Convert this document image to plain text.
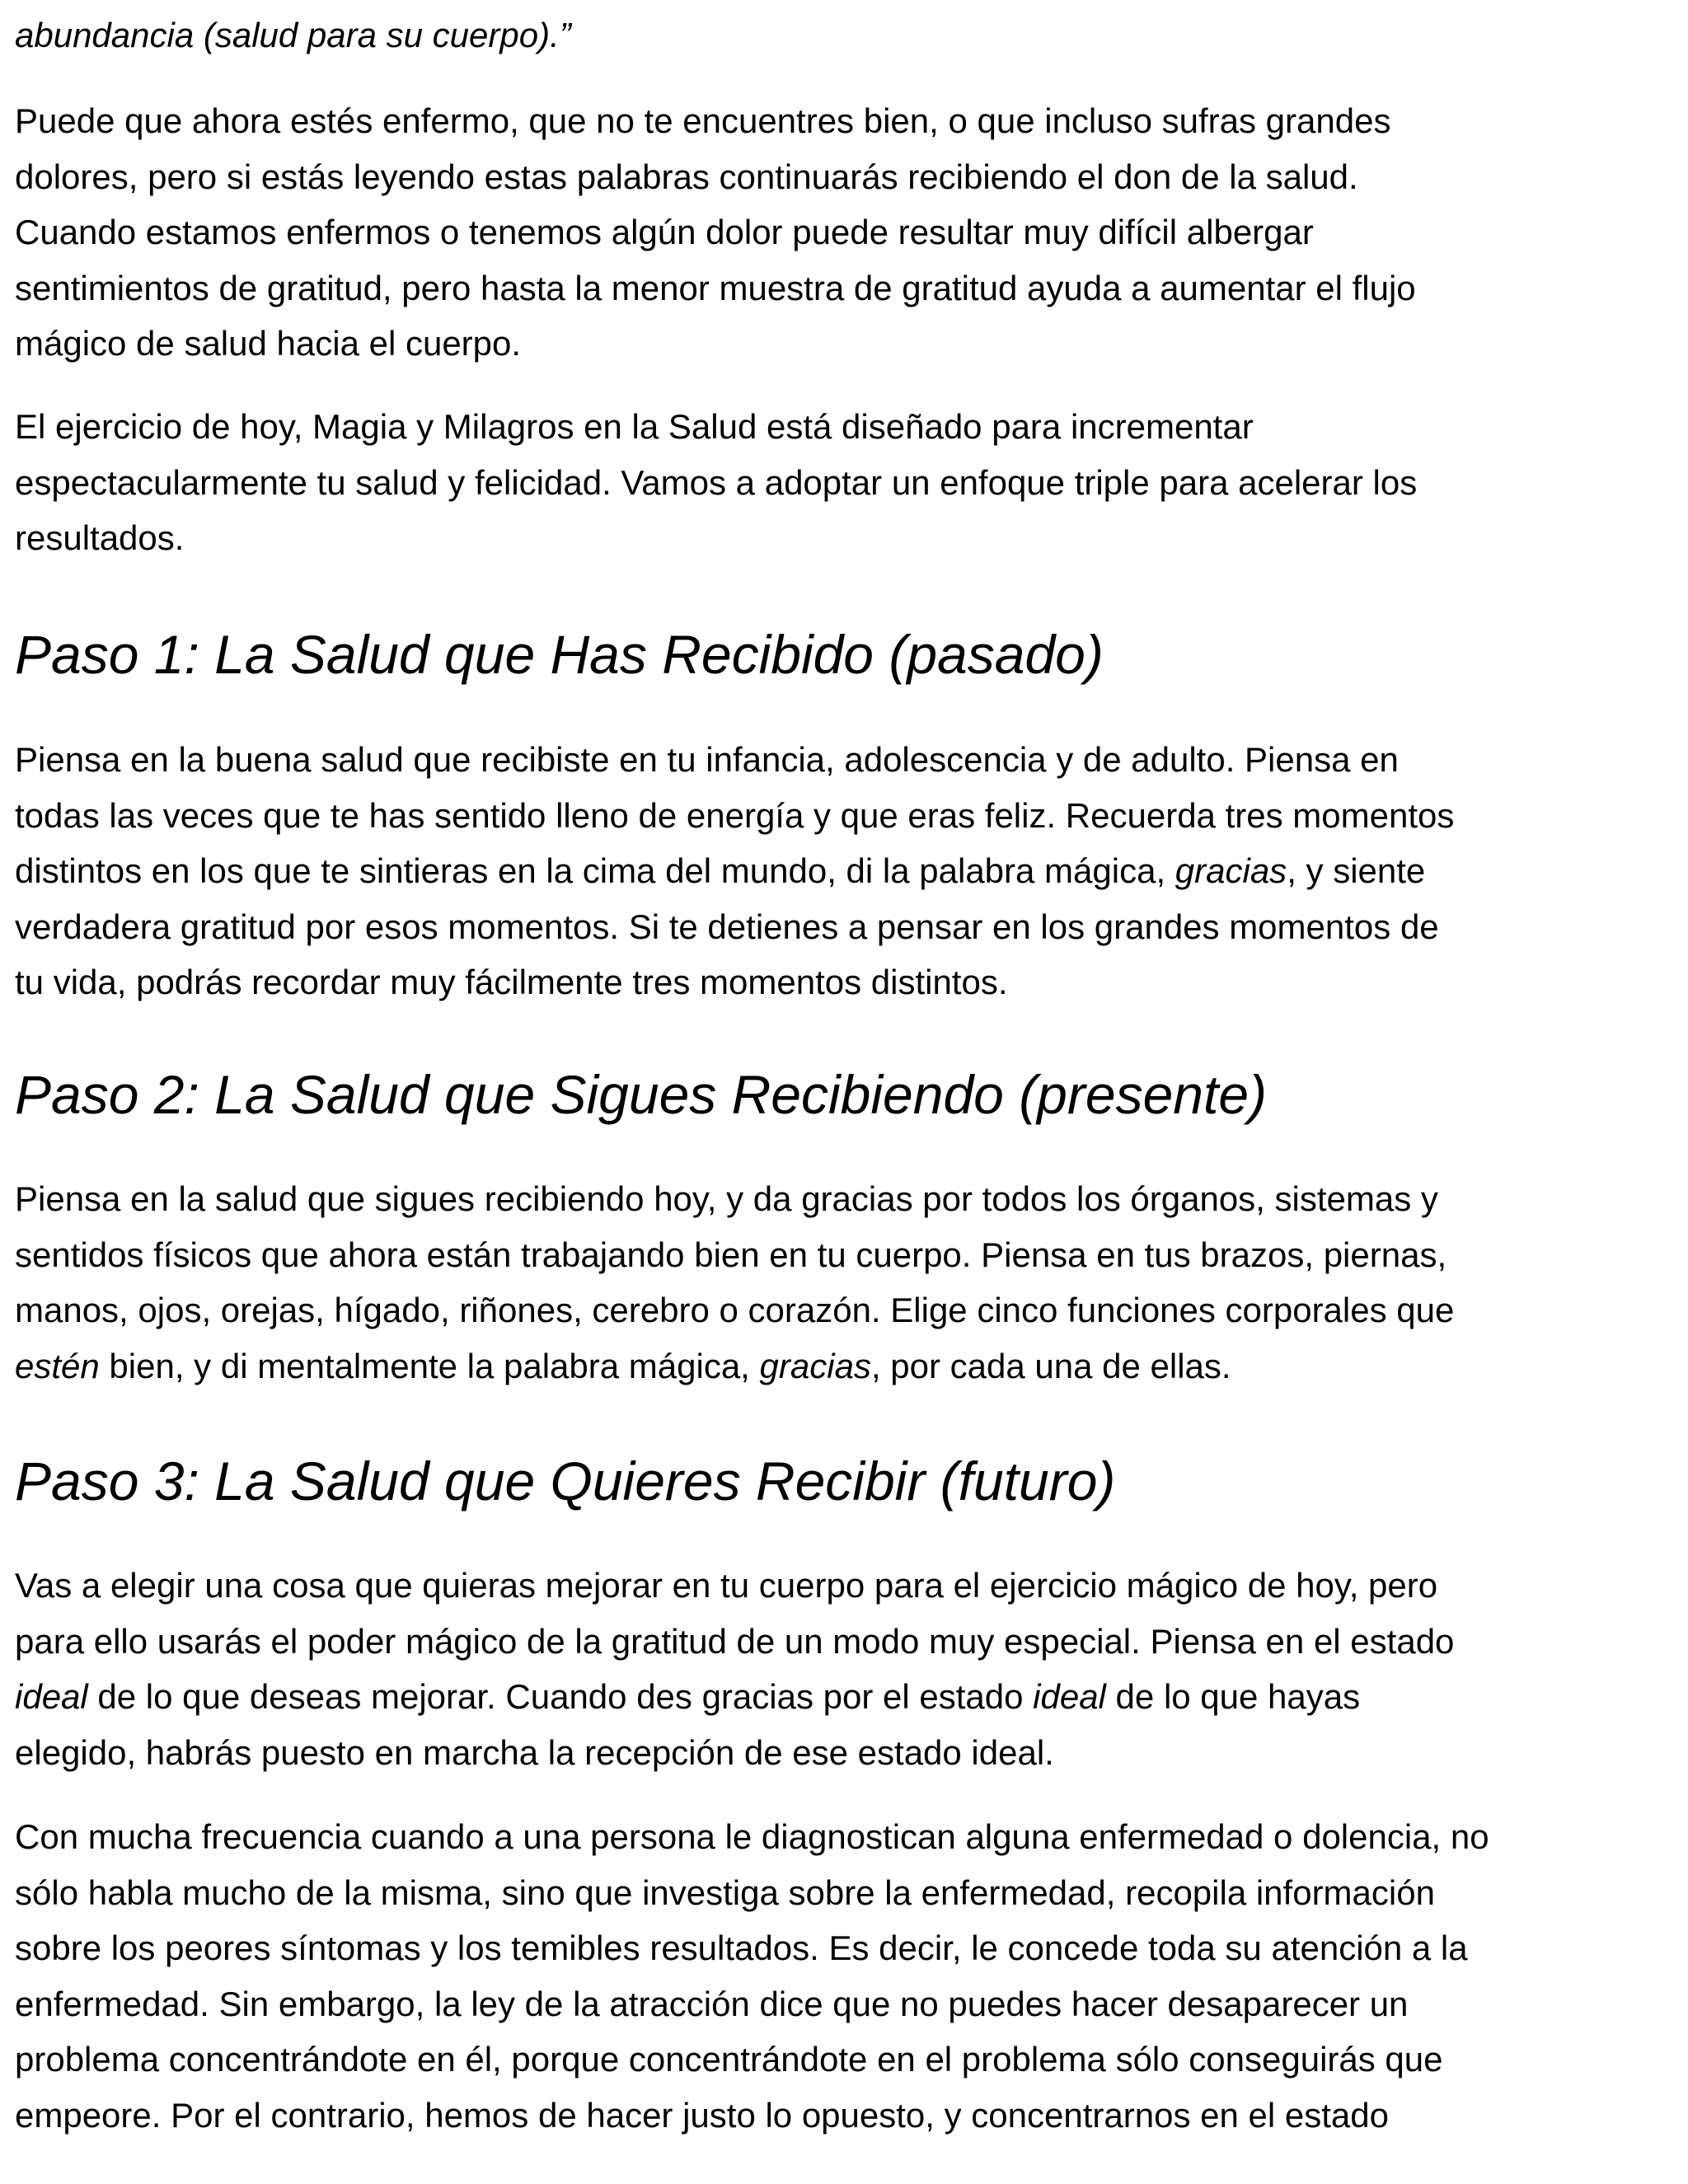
abundancia (salud para su cuerpo).”

Puede que ahora estés enfermo, que no te encuentres bien, o que incluso sufras grandes
dolores, pero si estás leyendo estas palabras continuarás recibiendo el don de la salud.
Cuando estamos enfermos o tenemos algún dolor puede resultar muy difícil albergar
sentimientos de gratitud, pero hasta la menor muestra de gratitud ayuda a aumentar el flujo
mágico de salud hacia el cuerpo.

El ejercicio de hoy, Magia y Milagros en la Salud está diseñado para incrementar
espectacularmente tu salud y felicidad. Vamos a adoptar un enfoque triple para acelerar los
resultados.

Paso 1: La Salud que Has Recibido (pasado)

Piensa en la buena salud que recibiste en tu infancia, adolescencia y de adulto. Piensa en
todas las veces que te has sentido lleno de energía y que eras feliz. Recuerda tres momentos
distintos en los que te sintieras en la cima del mundo, di la palabra mágica, gracias, y siente
verdadera gratitud por esos momentos. Si te detienes a pensar en los grandes momentos de
tu vida, podrás recordar muy fácilmente tres momentos distintos.

Paso 2: La Salud que Sigues Recibiendo (presente)

Piensa en la salud que sigues recibiendo hoy, y da gracias por todos los órganos, sistemas y
sentidos físicos que ahora están trabajando bien en tu cuerpo. Piensa en tus brazos, piernas,
manos, ojos, orejas, hígado, riñones, cerebro o corazón. Elige cinco funciones corporales que
estén bien, y di mentalmente la palabra mágica, gracias, por cada una de ellas.

Paso 3: La Salud que Quieres Recibir (futuro)

Vas a elegir una cosa que quieras mejorar en tu cuerpo para el ejercicio mágico de hoy, pero
para ello usarás el poder mágico de la gratitud de un modo muy especial. Piensa en el estado
ideal de lo que deseas mejorar. Cuando des gracias por el estado ideal de lo que hayas
elegido, habrás puesto en marcha la recepción de ese estado ideal.

Con mucha frecuencia cuando a una persona le diagnostican alguna enfermedad o dolencia, no
sólo habla mucho de la misma, sino que investiga sobre la enfermedad, recopila información
sobre los peores síntomas y los temibles resultados. Es decir, le concede toda su atención a la
enfermedad. Sin embargo, la ley de la atracción dice que no puedes hacer desaparecer un
problema concentrándote en él, porque concentrándote en el problema sólo conseguirás que
empeore. Por el contrario, hemos de hacer justo lo opuesto, y concentrarnos en el estado
